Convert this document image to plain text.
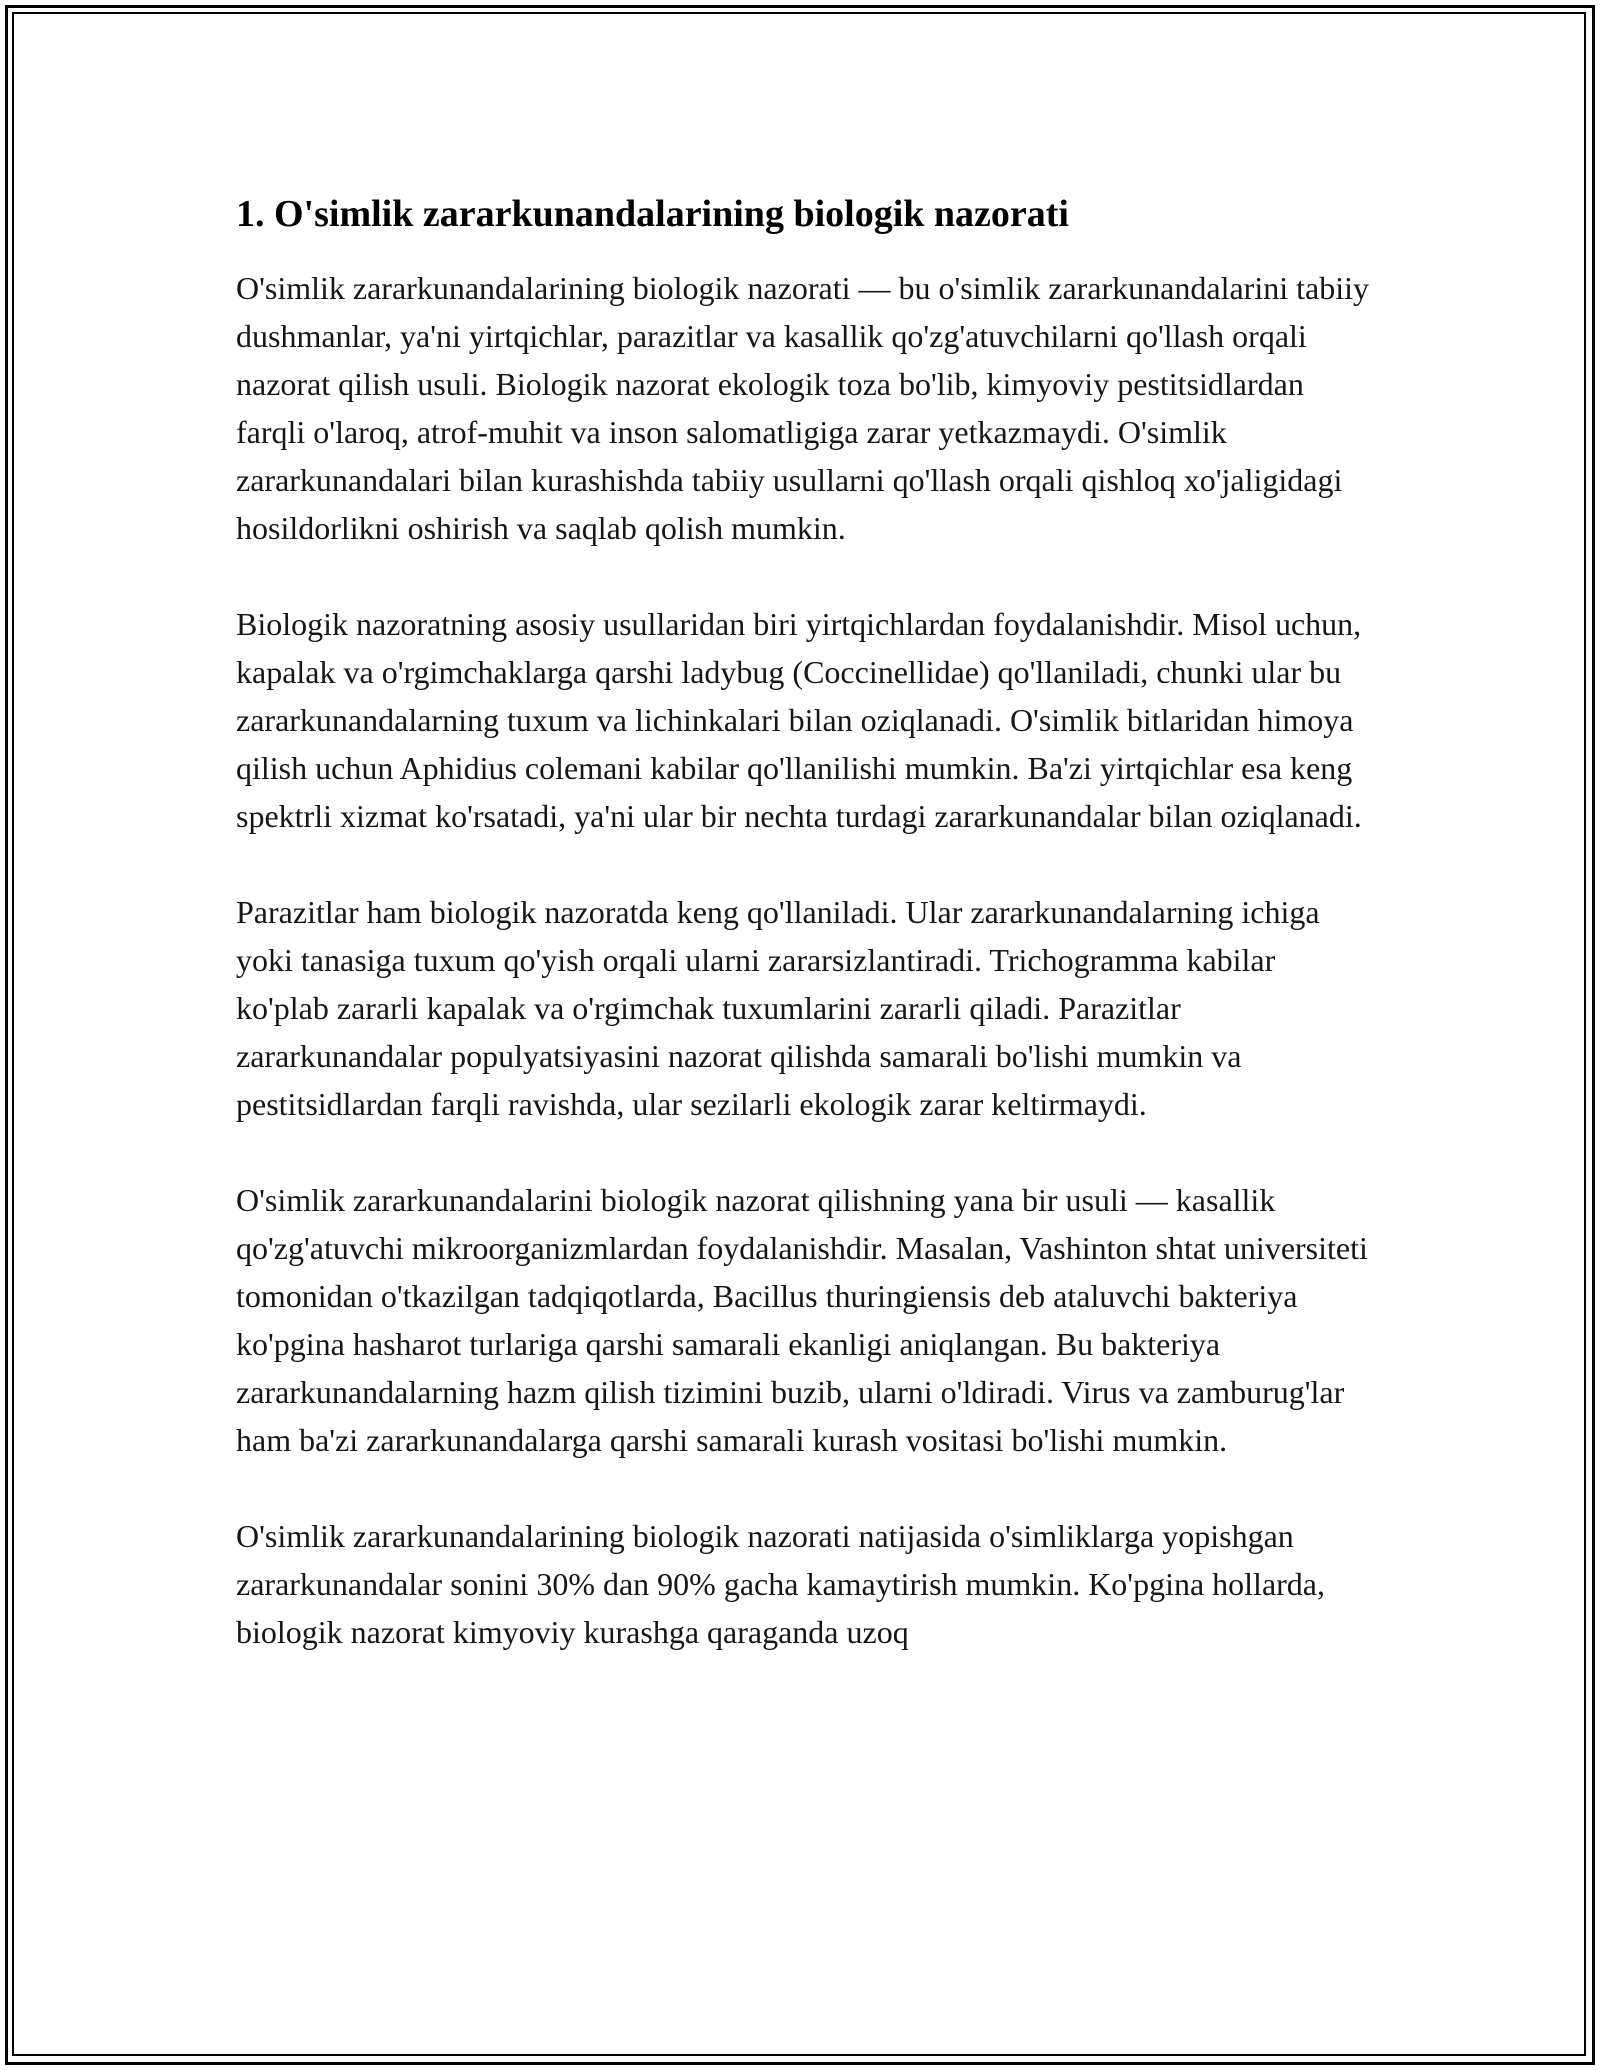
1. O'simlik zararkunandalarining biologik nazorati

O'simlik zararkunandalarining biologik nazorati — bu o'simlik zararkunandalarini tabiiy dushmanlar, ya'ni yirtqichlar, parazitlar va kasallik qo'zg'atuvchilarni qo'llash orqali nazorat qilish usuli. Biologik nazorat ekologik toza bo'lib, kimyoviy pestitsidlardan farqli o'laroq, atrof-muhit va inson salomatligiga zarar yetkazmaydi. O'simlik zararkunandalari bilan kurashishda tabiiy usullarni qo'llash orqali qishloq xo'jaligidagi hosildorlikni oshirish va saqlab qolish mumkin.

Biologik nazoratning asosiy usullaridan biri yirtqichlardan foydalanishdir. Misol uchun, kapalak va o'rgimchaklarga qarshi ladybug (Coccinellidae) qo'llaniladi, chunki ular bu zararkunandalarning tuxum va lichinkalari bilan oziqlanadi. O'simlik bitlaridan himoya qilish uchun Aphidius colemani kabilar qo'llanilishi mumkin. Ba'zi yirtqichlar esa keng spektrli xizmat ko'rsatadi, ya'ni ular bir nechta turdagi zararkunandalar bilan oziqlanadi.

Parazitlar ham biologik nazoratda keng qo'llaniladi. Ular zararkunandalarning ichiga yoki tanasiga tuxum qo'yish orqali ularni zararsizlantiradi. Trichogramma kabilar ko'plab zararli kapalak va o'rgimchak tuxumlarini zararli qiladi. Parazitlar zararkunandalar populyatsiyasini nazorat qilishda samarali bo'lishi mumkin va pestitsidlardan farqli ravishda, ular sezilarli ekologik zarar keltirmaydi.

O'simlik zararkunandalarini biologik nazorat qilishning yana bir usuli — kasallik qo'zg'atuvchi mikroorganizmlardan foydalanishdir. Masalan, Vashinton shtat universiteti tomonidan o'tkazilgan tadqiqotlarda, Bacillus thuringiensis deb ataluvchi bakteriya ko'pgina hasharot turlariga qarshi samarali ekanligi aniqlangan. Bu bakteriya zararkunandalarning hazm qilish tizimini buzib, ularni o'ldiradi. Virus va zamburug'lar ham ba'zi zararkunandalarga qarshi samarali kurash vositasi bo'lishi mumkin.

O'simlik zararkunandalarining biologik nazorati natijasida o'simliklarga yopishgan zararkunandalar sonini 30% dan 90% gacha kamaytirish mumkin. Ko'pgina hollarda, biologik nazorat kimyoviy kurashga qaraganda uzoq
